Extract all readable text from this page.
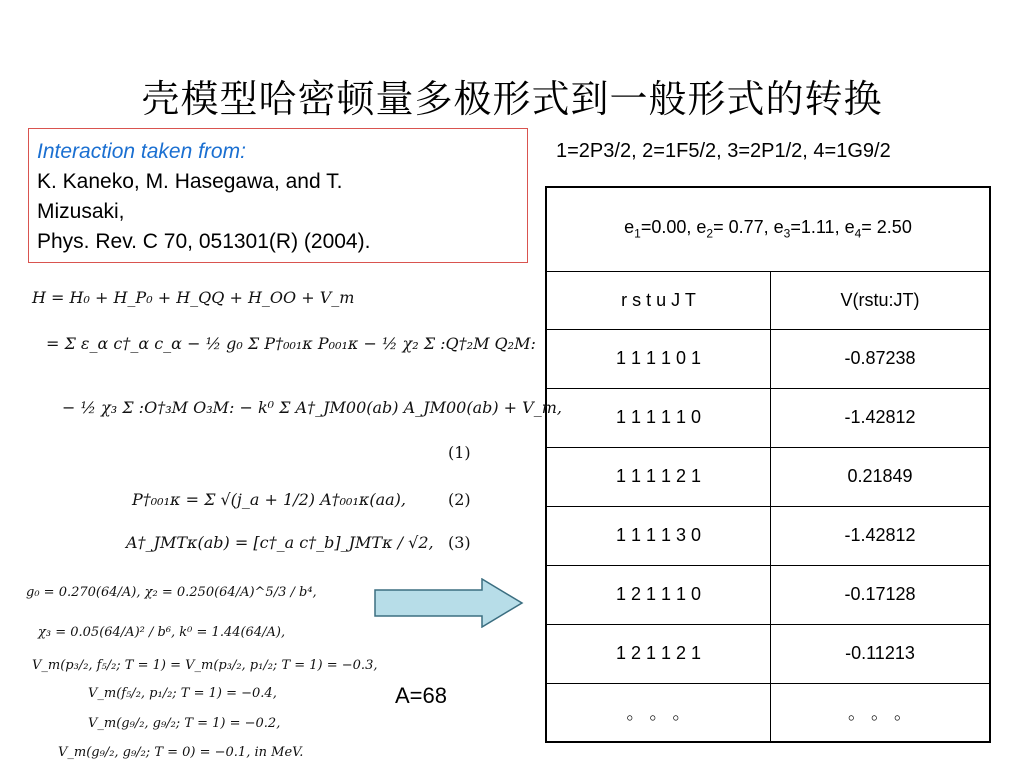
壳模型哈密顿量多极形式到一般形式的转换
Interaction taken from:
K. Kaneko, M. Hasegawa, and T.
Mizusaki,
Phys. Rev. C 70, 051301(R) (2004).
1=2P3/2, 2=1F5/2, 3=2P1/2, 4=1G9/2
$e_1=0.00$, $e_2= 0.77$, $e_3=1.11$, $e_4= 2.50$	
r s t u J T	V(rstu:JT)
1 1 1 1 0 1	-0.87238
1 1 1 1 1 0	-1.42812
1 1 1 1 2 1	0.21849
1 1 1 1 3 0	-1.42812
1 2 1 1 1 0	-0.17128
1 2 1 1 2 1	-0.11213
。 。 。	。 。 。
H = H₀ + H_P₀ + H_QQ + H_OO + V_m
= Σ ε_α c†_α c_α − ½ g₀ Σ P†₀₀₁κ P₀₀₁κ − ½ χ₂ Σ :Q†₂M Q₂M:
− ½ χ₃ Σ :O†₃M O₃M: − k⁰ Σ A†_JM00(ab) A_JM00(ab) + V_m,
(1)
P†₀₀₁κ = Σ √(j_a + 1/2) A†₀₀₁κ(aa),	(2)
A†_JMTκ(ab) = [c†_a c†_b]_JMTκ / √2, (3)
g₀ = 0.270(64/A), χ₂ = 0.250(64/A)^5/3 / b⁴,
χ₃ = 0.05(64/A)² / b⁶, k⁰ = 1.44(64/A),
V_m(p₃/₂, f₅/₂; T = 1) = V_m(p₃/₂, p₁/₂; T = 1) = −0.3,
V_m(f₅/₂, p₁/₂; T = 1) = −0.4,
V_m(g₉/₂, g₉/₂; T = 1) = −0.2,
V_m(g₉/₂, g₉/₂; T = 0) = −0.1, in MeV.
A=68
